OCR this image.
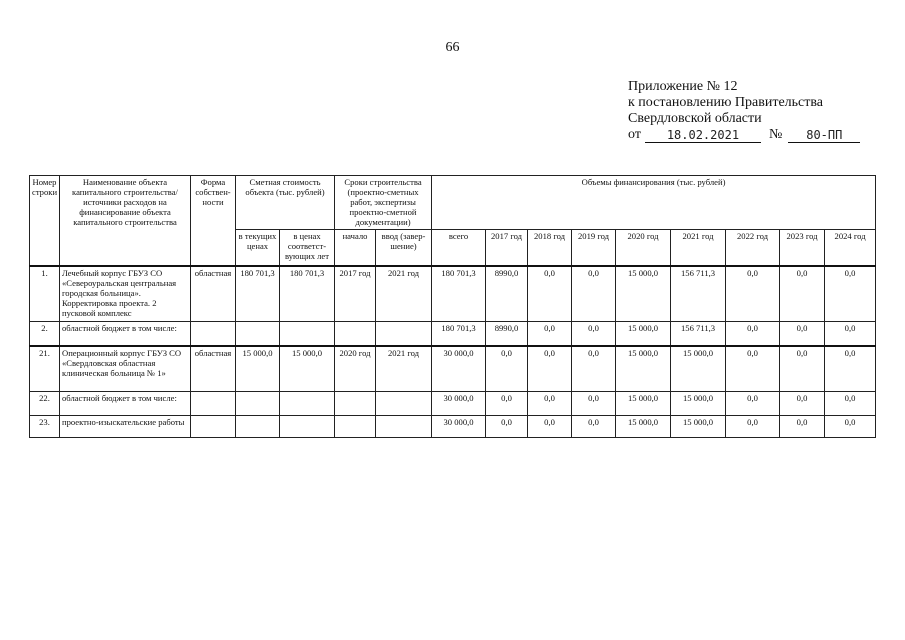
66
Приложение № 12
к постановлению Правительства
Свердловской области
от	18.02.2021	№	80-ПП
Номер строки	Наименование объекта капитального строительства/ источники расходов на финансирование объекта капитального строительства	Форма собствен-ности	Сметная стоимость объекта (тыс. рублей)		Сроки строительства (проектно-сметных работ, экспертизы проектно-сметной документации)		Объемы финансирования (тыс. рублей)								
			в текущих ценах	в ценах соответст-вующих лет	начало	ввод (завер-шение)	всего	2017 год	2018 год	2019 год	2020 год	2021 год	2022 год	2023 год	2024 год
1.	Лечебный корпус ГБУЗ СО «Североуральская центральная городская больница». Корректировка проекта. 2 пусковой комплекс	областная	180 701,3	180 701,3	2017 год	2021 год	180 701,3	8990,0	0,0	0,0	15 000,0	156 711,3	0,0	0,0	0,0
2.	областной бюджет в том числе:						180 701,3	8990,0	0,0	0,0	15 000,0	156 711,3	0,0	0,0	0,0
21.	Операционный корпус ГБУЗ СО «Свердловская областная клиническая больница № 1»	областная	15 000,0	15 000,0	2020 год	2021 год	30 000,0	0,0	0,0	0,0	15 000,0	15 000,0	0,0	0,0	0,0
22.	областной бюджет в том числе:						30 000,0	0,0	0,0	0,0	15 000,0	15 000,0	0,0	0,0	0,0
23.	проектно-изыскательские работы						30 000,0	0,0	0,0	0,0	15 000,0	15 000,0	0,0	0,0	0,0
